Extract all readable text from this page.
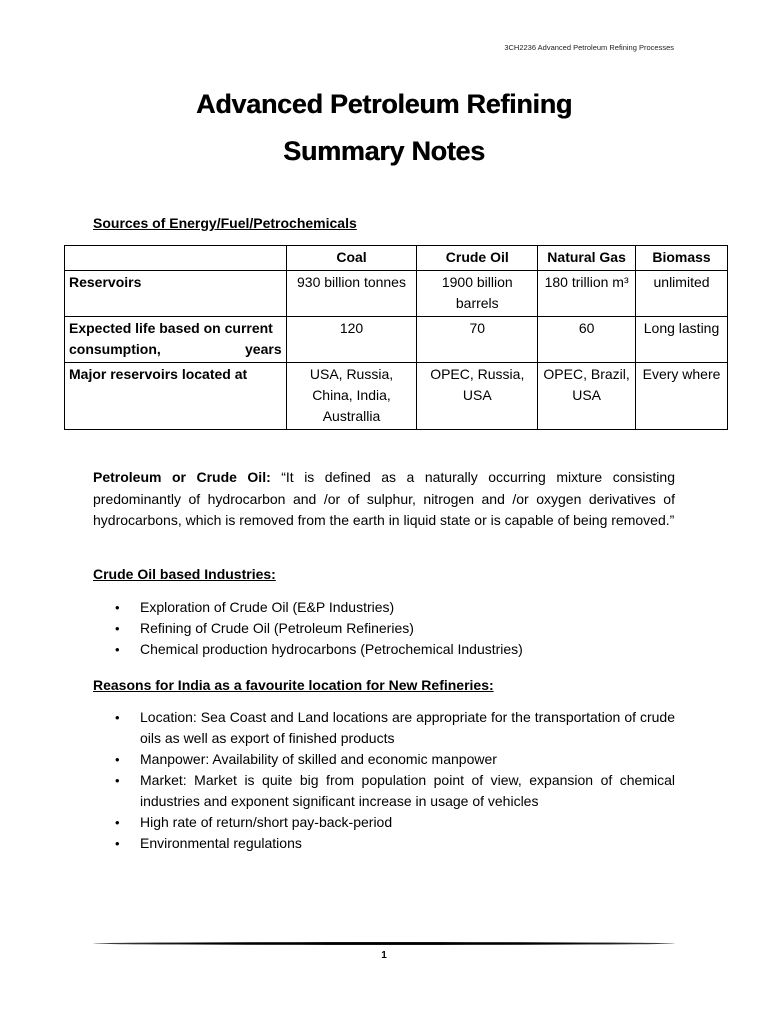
3CH2236 Advanced Petroleum Refining Processes
Advanced Petroleum Refining
Summary Notes
Sources of Energy/Fuel/Petrochemicals
	Coal	Crude Oil	Natural Gas	Biomass
Reservoirs	930 billion tonnes	1900 billion barrels	180 trillion m³	unlimited
Expected life based on current consumption, years	120	70	60	Long lasting
Major reservoirs located at	USA, Russia, China, India, Australlia	OPEC, Russia, USA	OPEC, Brazil, USA	Every where
Petroleum or Crude Oil: “It is defined as a naturally occurring mixture consisting predominantly of hydrocarbon and /or of sulphur, nitrogen and /or oxygen derivatives of hydrocarbons, which is removed from the earth in liquid state or is capable of being removed.”
Crude Oil based Industries:
• Exploration of Crude Oil (E&P Industries)
• Refining of Crude Oil (Petroleum Refineries)
• Chemical production hydrocarbons (Petrochemical Industries)
Reasons for India as a favourite location for New Refineries:
• Location: Sea Coast and Land locations are appropriate for the transportation of crude oils as well as export of finished products
• Manpower: Availability of skilled and economic manpower
• Market: Market is quite big from population point of view, expansion of chemical industries and exponent significant increase in usage of vehicles
• High rate of return/short pay-back-period
• Environmental regulations
1
